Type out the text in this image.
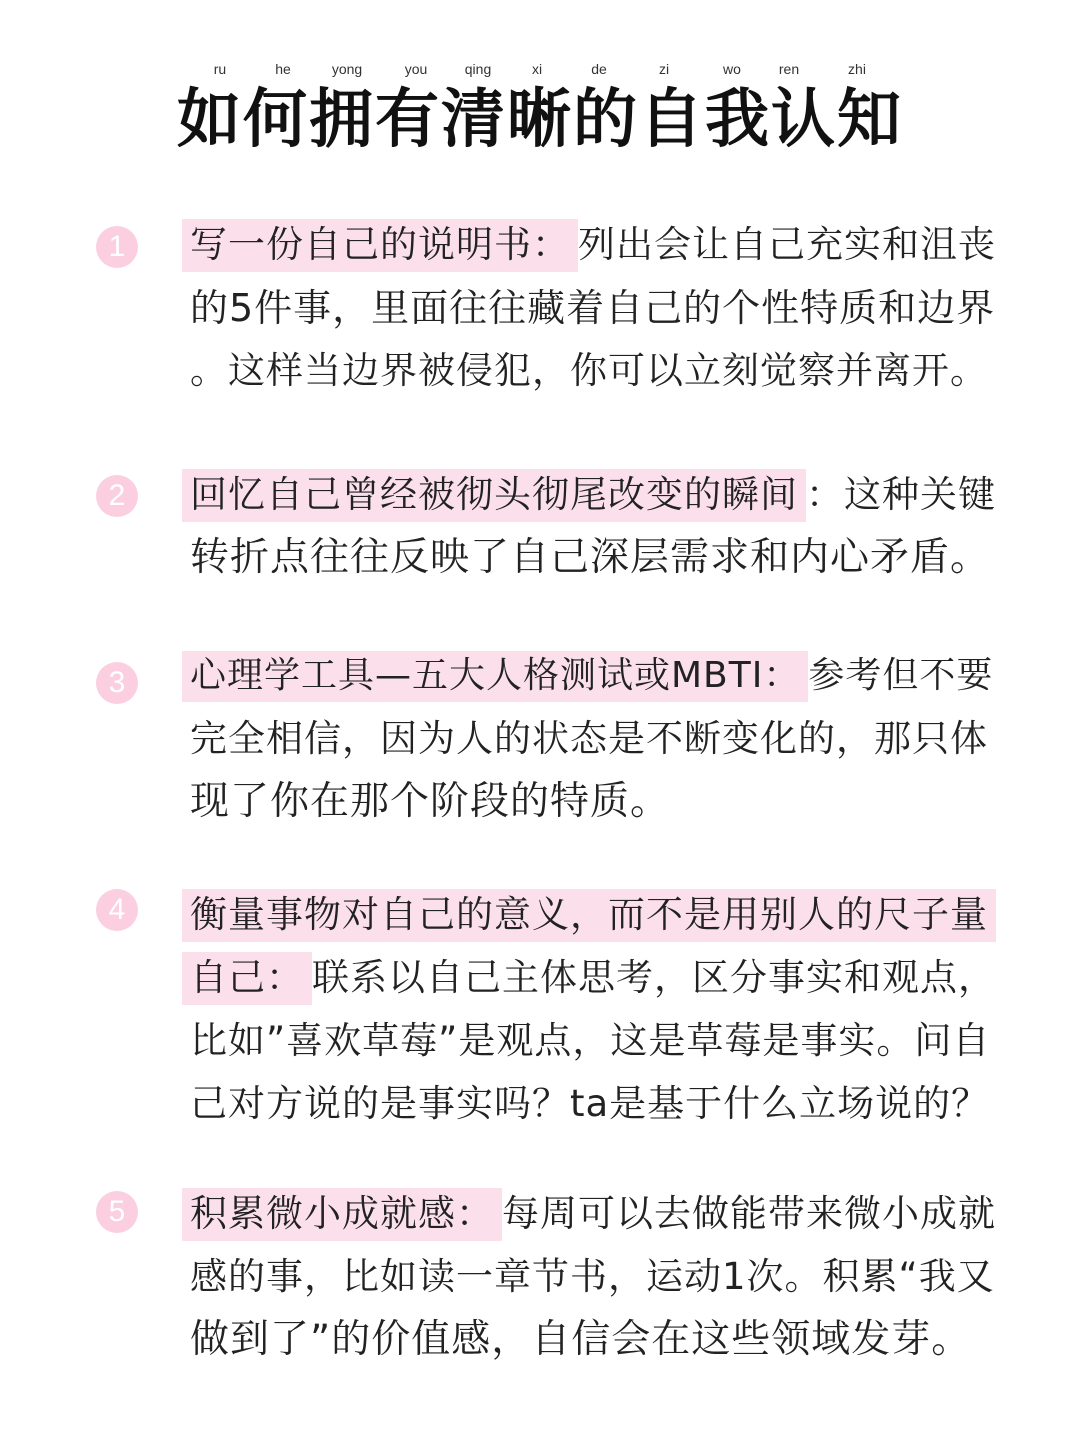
ru	he	yong	you	qing	xi	de	zi	wo	ren	zhi
如何拥有清晰的自我认知
1	写一份自己的说明书： 列出会让自己充实和沮丧
的5件事，里面往往藏着自己的个性特质和边界
。这样当边界被侵犯，你可以立刻觉察并离开。
2	回忆自己曾经被彻头彻尾改变的瞬间 ：这种关键
转折点往往反映了自己深层需求和内心矛盾。
3	心理学工具—五大人格测试或MBTI： 参考但不要
完全相信，因为人的状态是不断变化的，那只体
现了你在那个阶段的特质。
4	衡量事物对自己的意义，而不是用别人的尺子量
自己： 联系以自己主体思考，区分事实和观点，
比如”喜欢草莓”是观点，这是草莓是事实。问自
己对方说的是事实吗？ta是基于什么立场说的？
5	积累微小成就感： 每周可以去做能带来微小成就
感的事，比如读一章节书，运动1次。积累“我又
做到了”的价值感，自信会在这些领域发芽。
